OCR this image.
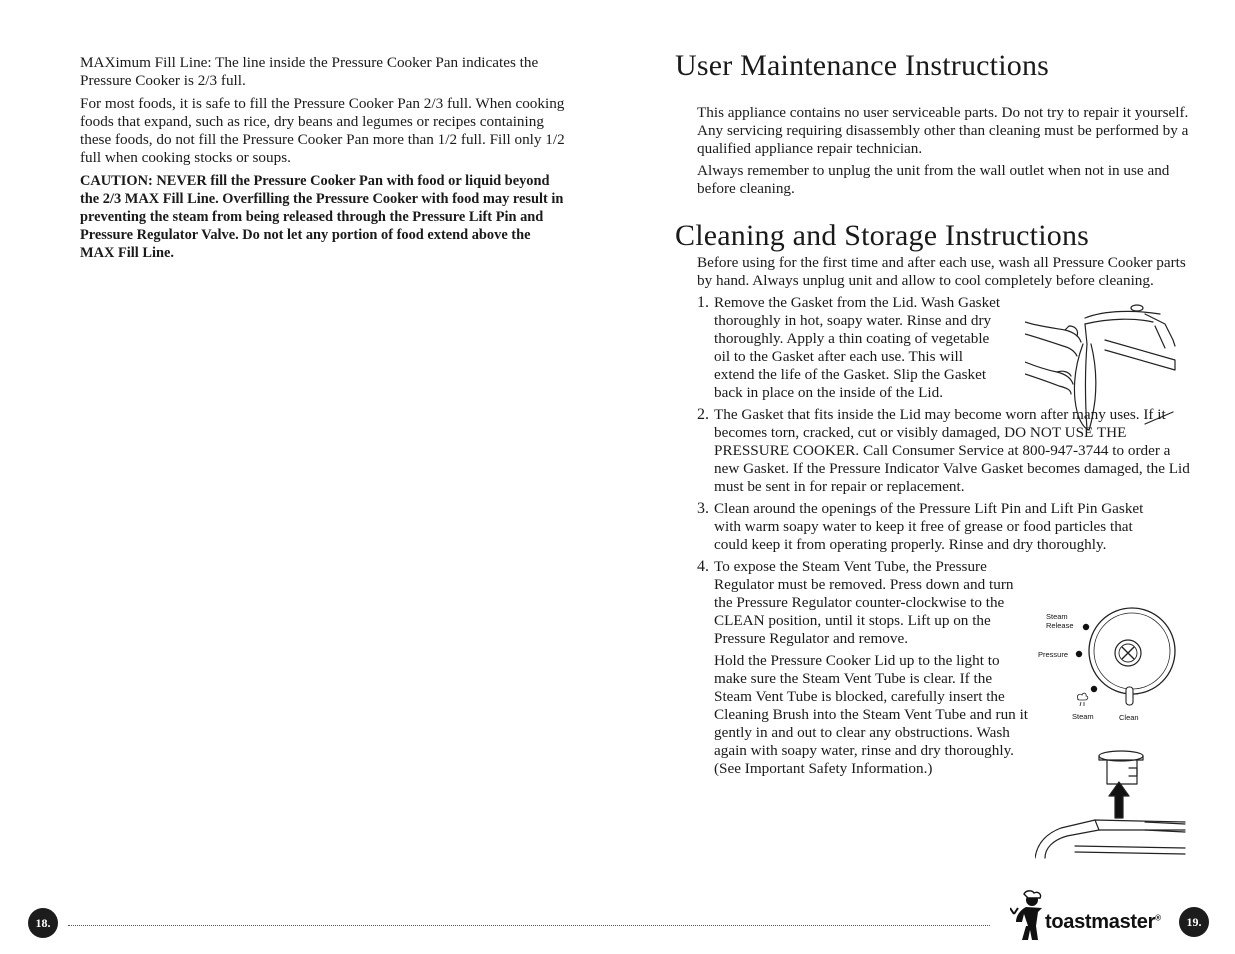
MAXimum Fill Line: The line inside the Pressure Cooker Pan indicates the Pressure Cooker is 2/3 full.

For most foods, it is safe to fill the Pressure Cooker Pan 2/3 full. When cooking foods that expand, such as rice, dry beans and legumes or recipes containing these foods, do not fill the Pressure Cooker Pan more than 1/2 full. Fill only 1/2 full when cooking stocks or soups.

CAUTION: NEVER fill the Pressure Cooker Pan with food or liquid beyond the 2/3 MAX Fill Line. Overfilling the Pressure Cooker with food may result in preventing the steam from being released through the Pressure Lift Pin and Pressure Regulator Valve. Do not let any portion of food extend above the MAX Fill Line.

User Maintenance Instructions

This appliance contains no user serviceable parts. Do not try to repair it yourself. Any servicing requiring disassembly other than cleaning must be performed by a qualified appliance repair technician.

Always remember to unplug the unit from the wall outlet when not in use and before cleaning.

Cleaning and Storage Instructions

Before using for the first time and after each use, wash all Pressure Cooker parts by hand. Always unplug unit and allow to cool completely before cleaning.

1. Remove the Gasket from the Lid. Wash Gasket thoroughly in hot, soapy water. Rinse and dry thoroughly. Apply a thin coating of vegetable oil to the Gasket after each use. This will extend the life of the Gasket. Slip the Gasket back in place on the inside of the Lid.

2. The Gasket that fits inside the Lid may become worn after many uses. If it becomes torn, cracked, cut or visibly damaged, DO NOT USE THE PRESSURE COOKER. Call Consumer Service at 800-947-3744 to order a new Gasket. If the Pressure Indicator Valve Gasket becomes damaged, the Lid must be sent in for repair or replacement.

3. Clean around the openings of the Pressure Lift Pin and Lift Pin Gasket with warm soapy water to keep it free of grease or food particles that could keep it from operating properly. Rinse and dry thoroughly.

4. To expose the Steam Vent Tube, the Pressure Regulator must be removed. Press down and turn the Pressure Regulator counter-clockwise to the CLEAN position, until it stops. Lift up on the Pressure Regulator and remove.

Hold the Pressure Cooker Lid up to the light to make sure the Steam Vent Tube is clear. If the Steam Vent Tube is blocked, carefully insert the Cleaning Brush into the Steam Vent Tube and run it gently in and out to clear any obstructions. Wash again with soapy water, rinse and dry thoroughly. (See Important Safety Information.)

Steam
Release
Pressure
Steam	Clean
18.	toastmaster®	19.
